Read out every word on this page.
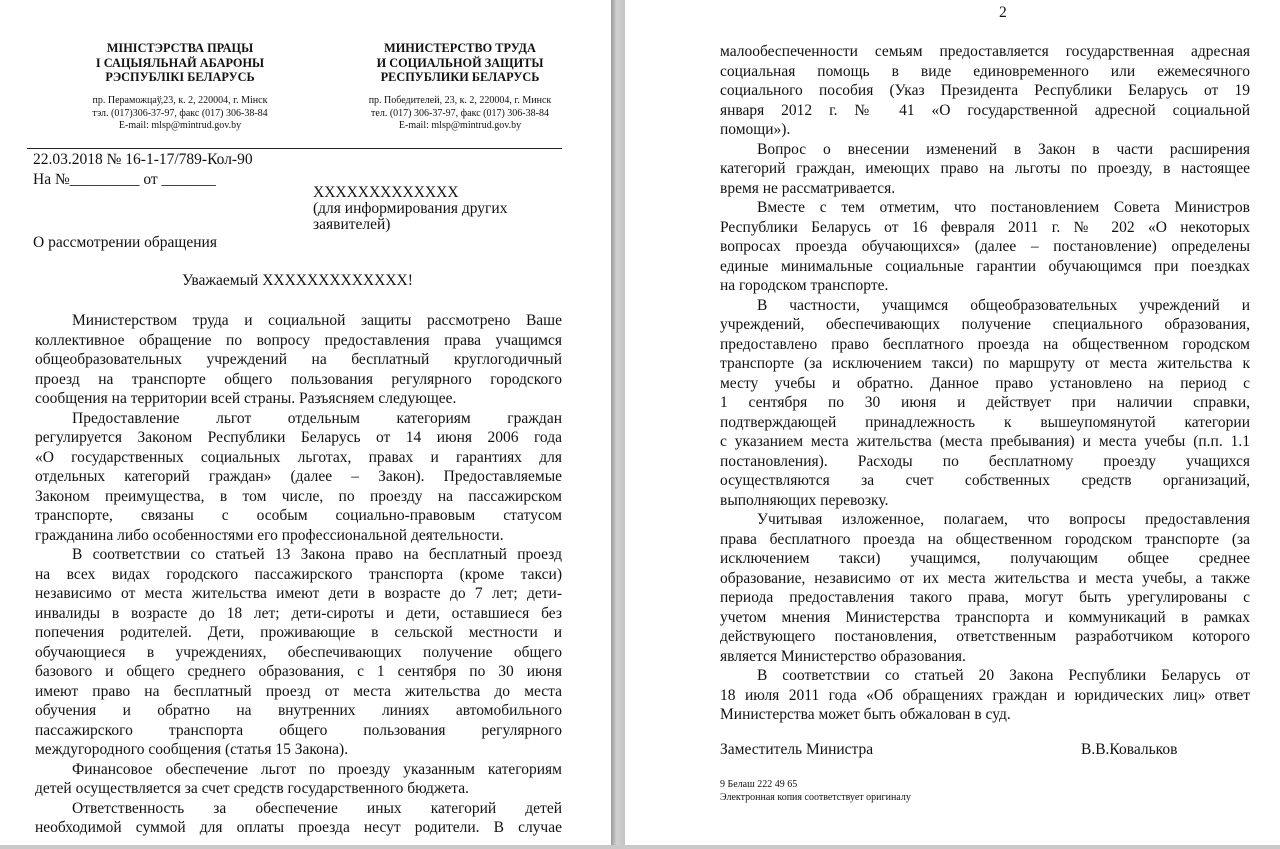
МІНІСТЭРСТВА ПРАЦЫ
І САЦЫЯЛЬНАЙ АБАРОНЫ
РЭСПУБЛІКІ БЕЛАРУСЬ
пр. Пераможцаў,23, к. 2, 220004, г. Мінск
тэл. (017)306-37-97, факс (017) 306-38-84
E-mail: mlsp@mintrud.gov.by
МИНИСТЕРСТВО ТРУДА
И СОЦИАЛЬНОЙ ЗАЩИТЫ
РЕСПУБЛИКИ БЕЛАРУСЬ
пр. Победителей, 23, к. 2, 220004, г. Минск
тел. (017) 306-37-97, факс (017) 306-38-84
E-mail: mlsp@mintrud.gov.by
22.03.2018 № 16-1-17/789-Кол-90
На №_________ от _______
XXXXXXXXXXXXX
(для информирования других
заявителей)
О рассмотрении обращения
Уважаемый XXXXXXXXXXXXX!
Министерством труда и социальной защиты рассмотрено Ваше
коллективное обращение по вопросу предоставления права учащимся
общеобразовательных учреждений на бесплатный круглогодичный
проезд на транспорте общего пользования регулярного городского
сообщения на территории всей страны. Разъясняем следующее.
Предоставление льгот отдельным категориям граждан
регулируется Законом Республики Беларусь от 14 июня 2006 года
«О государственных социальных льготах, правах и гарантиях для
отдельных категорий граждан» (далее – Закон). Предоставляемые
Законом преимущества, в том числе, по проезду на пассажирском
транспорте, связаны с особым социально-правовым статусом
гражданина либо особенностями его профессиональной деятельности.
В соответствии со статьей 13 Закона право на бесплатный проезд
на всех видах городского пассажирского транспорта (кроме такси)
независимо от места жительства имеют дети в возрасте до 7 лет; дети-
инвалиды в возрасте до 18 лет; дети-сироты и дети, оставшиеся без
попечения родителей. Дети, проживающие в сельской местности и
обучающиеся в учреждениях, обеспечивающих получение общего
базового и общего среднего образования, с 1 сентября по 30 июня
имеют право на бесплатный проезд от места жительства до места
обучения и обратно на внутренних линиях автомобильного
пассажирского транспорта общего пользования регулярного
междугородного сообщения (статья 15 Закона).
Финансовое обеспечение льгот по проезду указанным категориям
детей осуществляется за счет средств государственного бюджета.
Ответственность за обеспечение иных категорий детей
необходимой суммой для оплаты проезда несут родители. В случае
2
малообеспеченности семьям предоставляется государственная адресная
социальная помощь в виде единовременного или ежемесячного
социального пособия (Указ Президента Республики Беларусь от 19
января 2012 г. № 41 «О государственной адресной социальной
помощи»).
Вопрос о внесении изменений в Закон в части расширения
категорий граждан, имеющих право на льготы по проезду, в настоящее
время не рассматривается.
Вместе с тем отметим, что постановлением Совета Министров
Республики Беларусь от 16 февраля 2011 г. № 202 «О некоторых
вопросах проезда обучающихся» (далее – постановление) определены
единые минимальные социальные гарантии обучающимся при поездках
на городском транспорте.
В частности, учащимся общеобразовательных учреждений и
учреждений, обеспечивающих получение специального образования,
предоставлено право бесплатного проезда на общественном городском
транспорте (за исключением такси) по маршруту от места жительства к
месту учебы и обратно. Данное право установлено на период с
1 сентября по 30 июня и действует при наличии справки,
подтверждающей принадлежность к вышеупомянутой категории
с указанием места жительства (места пребывания) и места учебы (п.п. 1.1
постановления). Расходы по бесплатному проезду учащихся
осуществляются за счет собственных средств организаций,
выполняющих перевозку.
Учитывая изложенное, полагаем, что вопросы предоставления
права бесплатного проезда на общественном городском транспорте (за
исключением такси) учащимся, получающим общее среднее
образование, независимо от их места жительства и места учебы, а также
периода предоставления такого права, могут быть урегулированы с
учетом мнения Министерства транспорта и коммуникаций в рамках
действующего постановления, ответственным разработчиком которого
является Министерство образования.
В соответствии со статьей 20 Закона Республики Беларусь от
18 июля 2011 года «Об обращениях граждан и юридических лиц» ответ
Министерства может быть обжалован в суд.
Заместитель Министра	В.В.Ковальков
9 Белаш 222 49 65
Электронная копия соответствует оригиналу
